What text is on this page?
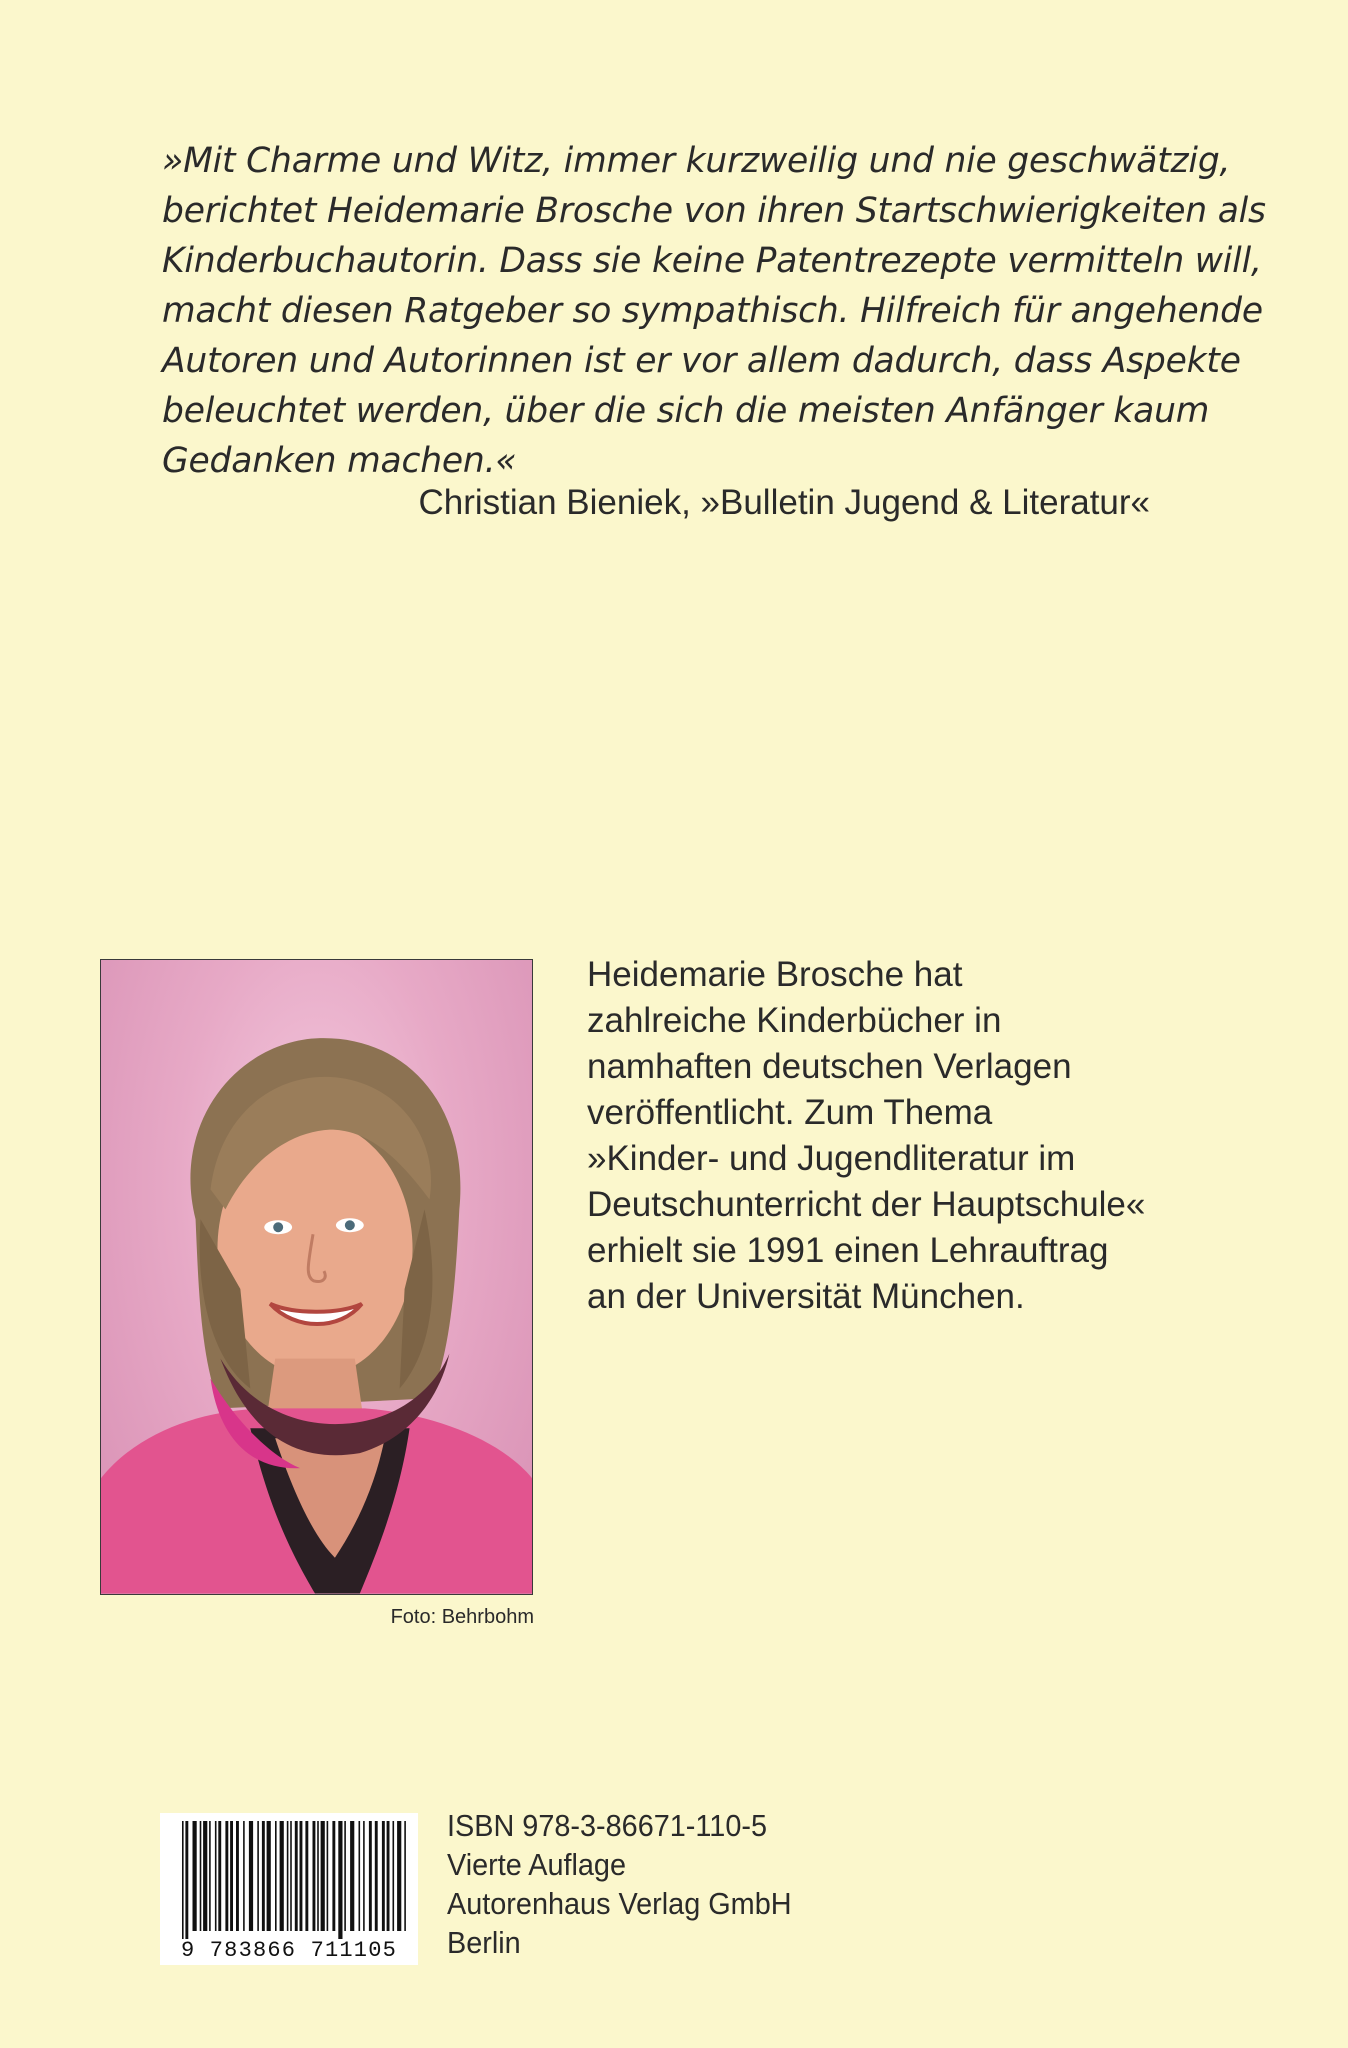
»Mit Charme und Witz, immer kurzweilig und nie geschwätzig,
berichtet Heidemarie Brosche von ihren Startschwierigkeiten als
Kinderbuchautorin. Dass sie keine Patentrezepte vermitteln will,
macht diesen Ratgeber so sympathisch. Hilfreich für angehende
Autoren und Autorinnen ist er vor allem dadurch, dass Aspekte
beleuchtet werden, über die sich die meisten Anfänger kaum
Gedanken machen.«
Christian Bieniek, »Bulletin Jugend & Literatur«
Foto: Behrbohm
Heidemarie Brosche hat
zahlreiche Kinderbücher in
namhaften deutschen Verlagen
veröffentlicht. Zum Thema
»Kinder- und Jugendliteratur im
Deutschunterricht der Hauptschule«
erhielt sie 1991 einen Lehrauftrag
an der Universität München.
9 783866 711105
ISBN 978-3-86671-110-5
Vierte Auflage
Autorenhaus Verlag GmbH
Berlin
